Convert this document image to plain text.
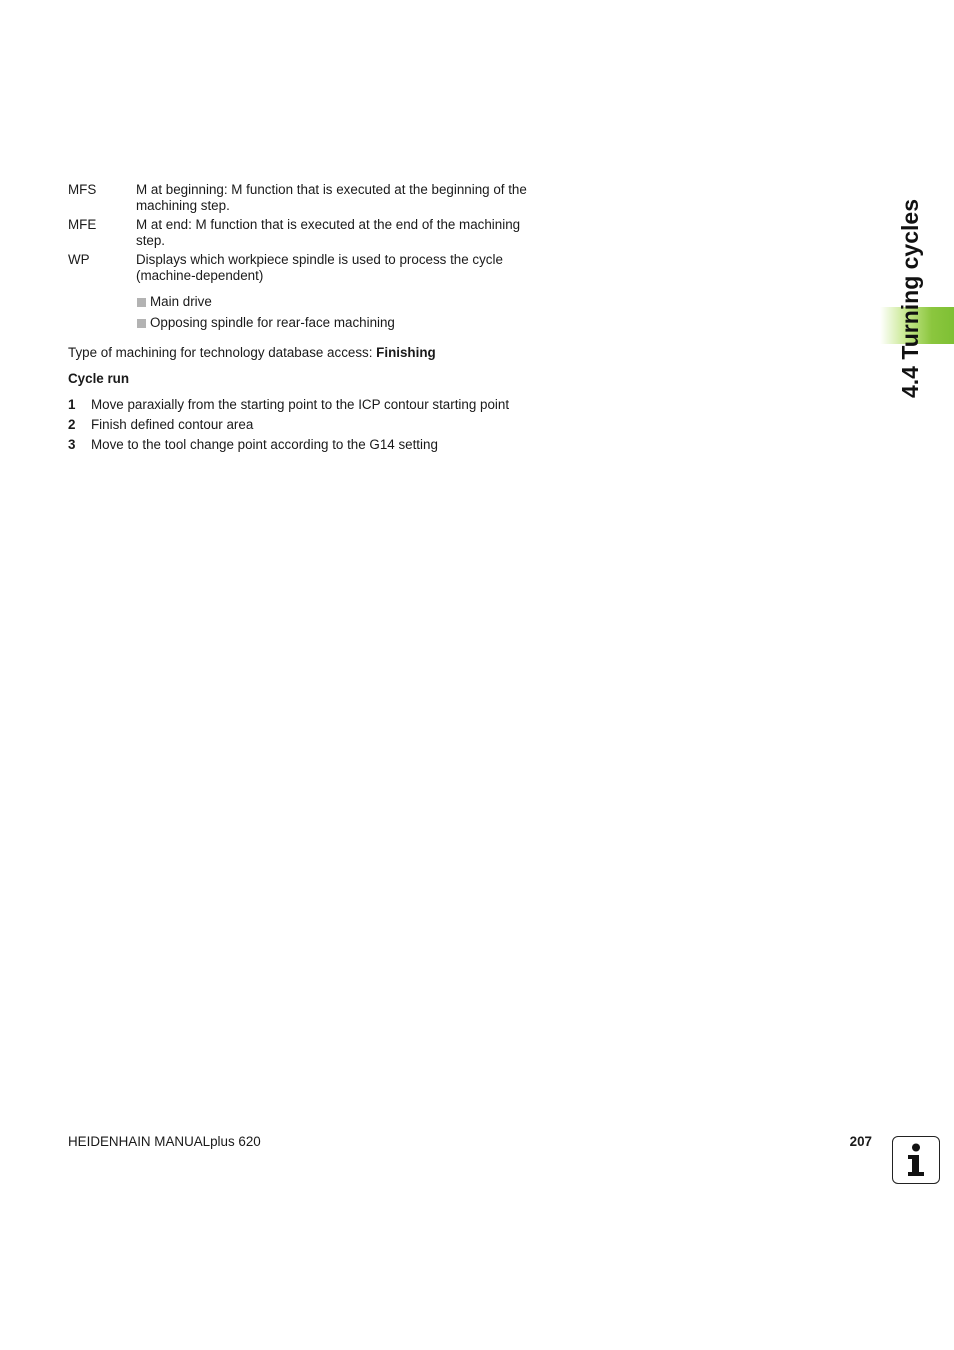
MFS	M at beginning: M function that is executed at the beginning of the machining step.
MFE	M at end: M function that is executed at the end of the machining step.
WP	Displays which workpiece spindle is used to process the cycle (machine-dependent)
Main drive
Opposing spindle for rear-face machining
Type of machining for technology database access: Finishing
Cycle run
1	Move paraxially from the starting point to the ICP contour starting point
2	Finish defined contour area
3	Move to the tool change point according to the G14 setting
4.4 Turning cycles
HEIDENHAIN MANUALplus 620	207
